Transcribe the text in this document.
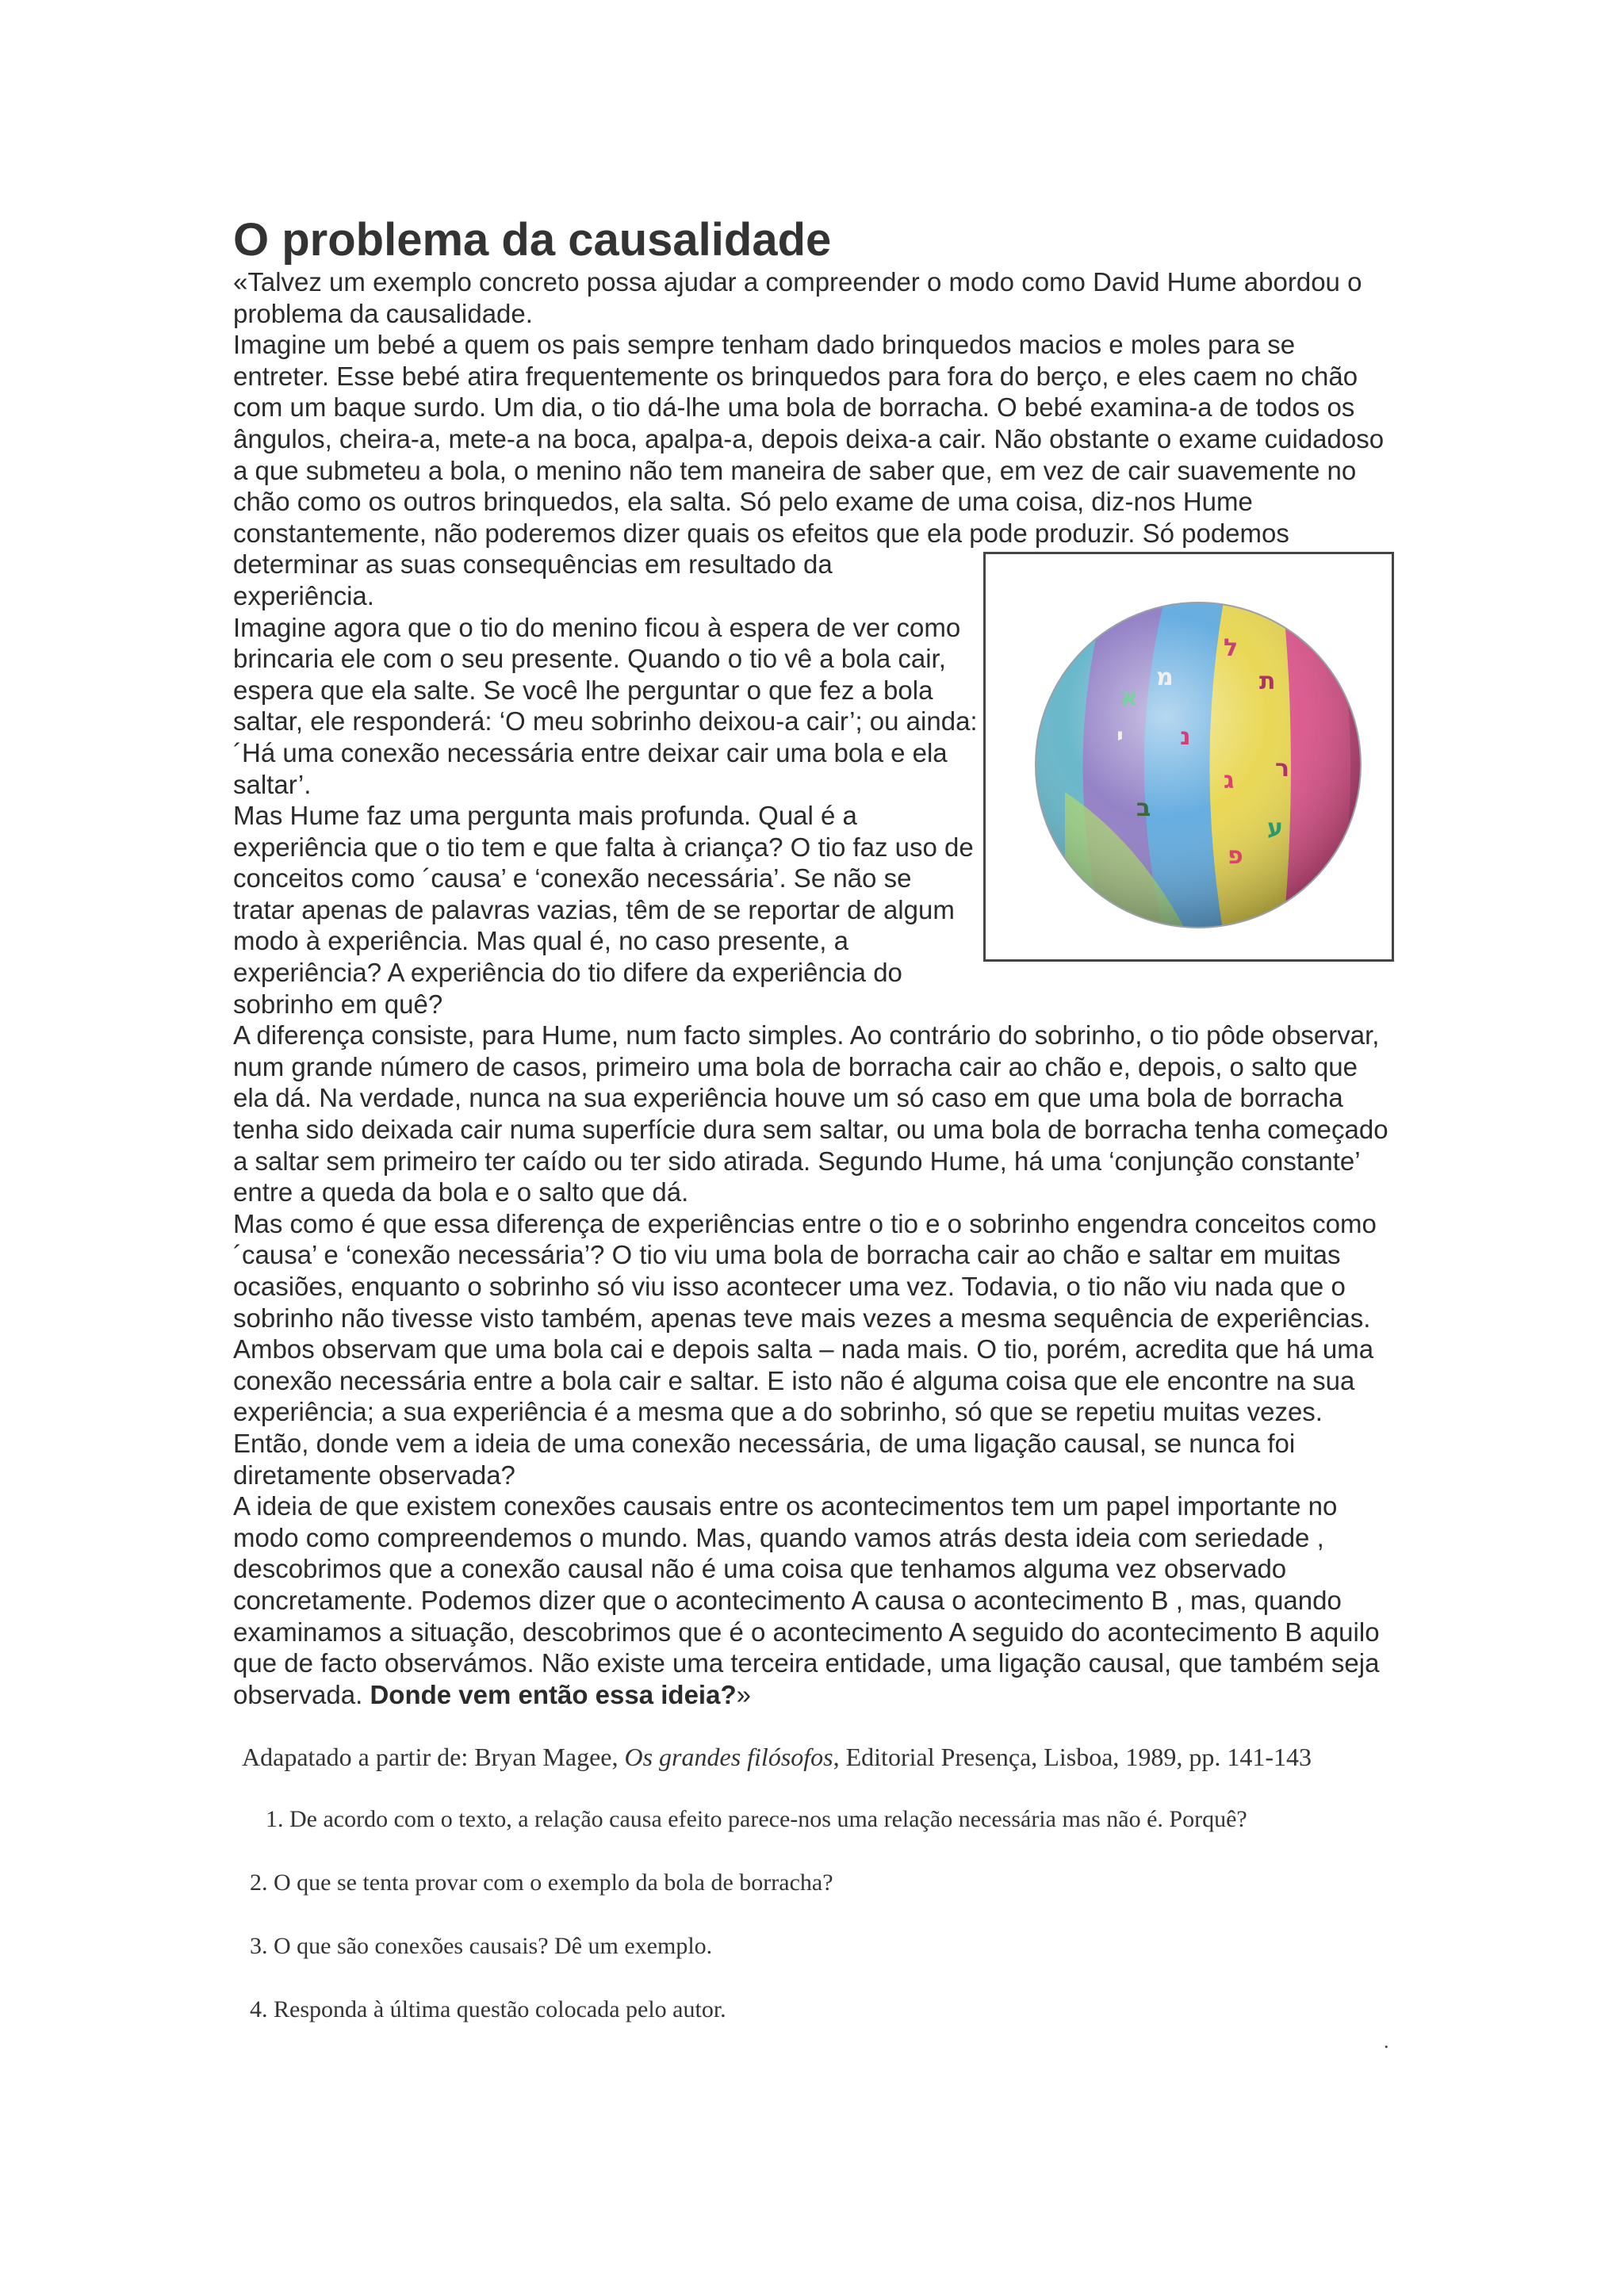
O problema da causalidade

«Talvez um exemplo concreto possa ajudar a compreender o modo como David Hume abordou o problema da causalidade.

Imagine um bebé a quem os pais sempre tenham dado brinquedos macios e moles para se entreter. Esse bebé atira frequentemente os brinquedos para fora do berço, e eles caem no chão com um baque surdo. Um dia, o tio dá-lhe uma bola de borracha. O bebé examina-a de todos os ângulos, cheira-a, mete-a na boca, apalpa-a, depois deixa-a cair. Não obstante o exame cuidadoso a que submeteu a bola, o menino não tem maneira de saber que, em vez de cair suavemente no chão como os outros brinquedos, ela salta. Só pelo exame de uma coisa, diz-nos Hume constantemente, não poderemos dizer quais os efeitos que ela pode produzir.
ל
מ	ת
נ
ר
ג
ע
פ
ב
י
א
Só podemos determinar as suas consequências em resultado da experiência.

Imagine agora que o tio do menino ficou à espera de ver como brincaria ele com o seu presente. Quando o tio vê a bola cair, espera que ela salte. Se você lhe perguntar o que fez a bola saltar, ele responderá: ‘O meu sobrinho deixou-a cair’; ou ainda: ´Há uma conexão necessária entre deixar cair uma bola e ela saltar’.

Mas Hume faz uma pergunta mais profunda. Qual é a experiência que o tio tem e que falta à criança? O tio faz uso de conceitos como ´causa’ e ‘conexão necessária’. Se não se tratar apenas de palavras vazias, têm de se reportar de algum modo à experiência. Mas qual é, no caso presente, a experiência? A experiência do tio difere da experiência do sobrinho em quê?

A diferença consiste, para Hume, num facto simples. Ao contrário do sobrinho, o tio pôde observar, num grande número de casos, primeiro uma bola de borracha cair ao chão e, depois, o salto que ela dá. Na verdade, nunca na sua experiência houve um só caso em que uma bola de borracha tenha sido deixada cair numa superfície dura sem saltar, ou uma bola de borracha tenha começado a saltar sem primeiro ter caído ou ter sido atirada. Segundo Hume, há uma ‘conjunção constante’ entre a queda da bola e o salto que dá.

Mas como é que essa diferença de experiências entre o tio e o sobrinho engendra conceitos como ´causa’ e ‘conexão necessária’? O tio viu uma bola de borracha cair ao chão e saltar em muitas ocasiões, enquanto o sobrinho só viu isso acontecer uma vez. Todavia, o tio não viu nada que o sobrinho não tivesse visto também, apenas teve mais vezes a mesma sequência de experiências. Ambos observam que uma bola cai e depois salta – nada mais. O tio, porém, acredita que há uma conexão necessária entre a bola cair e saltar. E isto não é alguma coisa que ele encontre na sua experiência; a sua experiência é a mesma que a do sobrinho, só que se repetiu muitas vezes. Então, donde vem a ideia de uma conexão necessária, de uma ligação causal, se nunca foi diretamente observada?

A ideia de que existem conexões causais entre os acontecimentos tem um papel importante no modo como compreendemos o mundo. Mas, quando vamos atrás desta ideia com seriedade , descobrimos que a conexão causal não é uma coisa que tenhamos alguma vez observado concretamente. Podemos dizer que o acontecimento A causa o acontecimento B , mas, quando examinamos a situação, descobrimos que é o acontecimento A seguido do acontecimento B aquilo que de facto observámos. Não existe uma terceira entidade, uma ligação causal, que também seja observada. Donde vem então essa ideia?»

Adapatado a partir de: Bryan Magee, Os grandes filósofos, Editorial Presença, Lisboa, 1989, pp. 141-143
1. De acordo com o texto, a relação causa efeito parece-nos uma relação necessária mas não é. Porquê?
2. O que se tenta provar com o exemplo da bola de borracha?
3. O que são conexões causais? Dê um exemplo.
4. Responda à última questão colocada pelo autor.
.
